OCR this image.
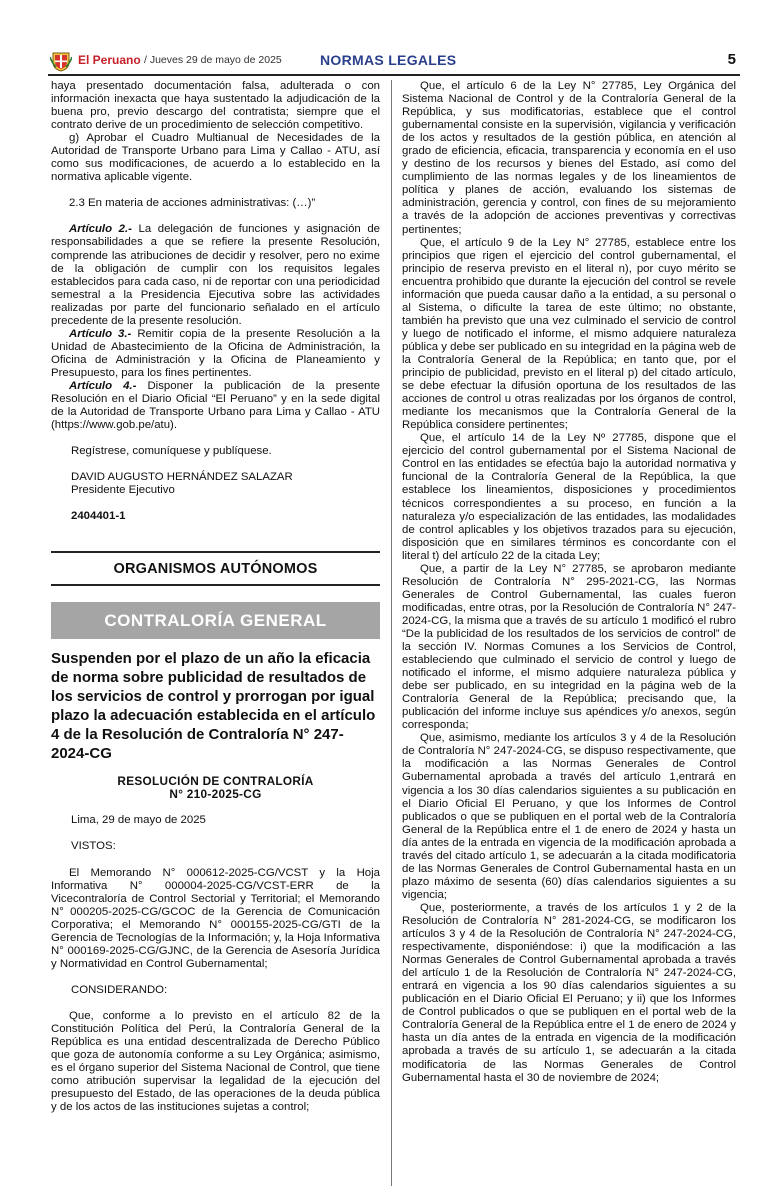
El Peruano / Jueves 29 de mayo de 2025	NORMAS LEGALES	5

haya presentado documentación falsa, adulterada o con información inexacta que haya sustentado la adjudicación de la buena pro, previo descargo del contratista; siempre que el contrato derive de un procedimiento de selección competitivo.

g) Aprobar el Cuadro Multianual de Necesidades de la Autoridad de Transporte Urbano para Lima y Callao - ATU, así como sus modificaciones, de acuerdo a lo establecido en la normativa aplicable vigente.

2.3 En materia de acciones administrativas: (…)”

Artículo 2.- La delegación de funciones y asignación de responsabilidades a que se refiere la presente Resolución, comprende las atribuciones de decidir y resolver, pero no exime de la obligación de cumplir con los requisitos legales establecidos para cada caso, ni de reportar con una periodicidad semestral a la Presidencia Ejecutiva sobre las actividades realizadas por parte del funcionario señalado en el artículo precedente de la presente resolución.

Artículo 3.- Remitir copia de la presente Resolución a la Unidad de Abastecimiento de la Oficina de Administración, la Oficina de Administración y la Oficina de Planeamiento y Presupuesto, para los fines pertinentes.

Artículo 4.- Disponer la publicación de la presente Resolución en el Diario Oficial “El Peruano” y en la sede digital de la Autoridad de Transporte Urbano para Lima y Callao - ATU (https://www.gob.pe/atu).

Regístrese, comuníquese y publíquese.

DAVID AUGUSTO HERNÁNDEZ SALAZAR

Presidente Ejecutivo

2404401-1

ORGANISMOS AUTÓNOMOS
CONTRALORÍA GENERAL
Suspenden por el plazo de un año la eficacia de norma sobre publicidad de resultados de los servicios de control y prorrogan por igual plazo la adecuación establecida en el artículo 4 de la Resolución de Contraloría N° 247-2024-CG
RESOLUCIÓN DE CONTRALORÍA
N° 210-2025-CG

Lima, 29 de mayo de 2025

VISTOS:

El Memorando N° 000612-2025-CG/VCST y la Hoja Informativa N° 000004-2025-CG/VCST-ERR de la Vicecontraloría de Control Sectorial y Territorial; el Memorando N° 000205-2025-CG/GCOC de la Gerencia de Comunicación Corporativa; el Memorando N° 000155-2025-CG/GTI de la Gerencia de Tecnologías de la Información; y, la Hoja Informativa N° 000169-2025-CG/GJNC, de la Gerencia de Asesoría Jurídica y Normatividad en Control Gubernamental;

CONSIDERANDO:

Que, conforme a lo previsto en el artículo 82 de la Constitución Política del Perú, la Contraloría General de la República es una entidad descentralizada de Derecho Público que goza de autonomía conforme a su Ley Orgánica; asimismo, es el órgano superior del Sistema Nacional de Control, que tiene como atribución supervisar la legalidad de la ejecución del presupuesto del Estado, de las operaciones de la deuda pública y de los actos de las instituciones sujetas a control;

Que, el artículo 6 de la Ley N° 27785, Ley Orgánica del Sistema Nacional de Control y de la Contraloría General de la República, y sus modificatorias, establece que el control gubernamental consiste en la supervisión, vigilancia y verificación de los actos y resultados de la gestión pública, en atención al grado de eficiencia, eficacia, transparencia y economía en el uso y destino de los recursos y bienes del Estado, así como del cumplimiento de las normas legales y de los lineamientos de política y planes de acción, evaluando los sistemas de administración, gerencia y control, con fines de su mejoramiento a través de la adopción de acciones preventivas y correctivas pertinentes;

Que, el artículo 9 de la Ley N° 27785, establece entre los principios que rigen el ejercicio del control gubernamental, el principio de reserva previsto en el literal n), por cuyo mérito se encuentra prohibido que durante la ejecución del control se revele información que pueda causar daño a la entidad, a su personal o al Sistema, o dificulte la tarea de este último; no obstante, también ha previsto que una vez culminado el servicio de control y luego de notificado el informe, el mismo adquiere naturaleza pública y debe ser publicado en su integridad en la página web de la Contraloría General de la República; en tanto que, por el principio de publicidad, previsto en el literal p) del citado artículo, se debe efectuar la difusión oportuna de los resultados de las acciones de control u otras realizadas por los órganos de control, mediante los mecanismos que la Contraloría General de la República considere pertinentes;

Que, el artículo 14 de la Ley Nº 27785, dispone que el ejercicio del control gubernamental por el Sistema Nacional de Control en las entidades se efectúa bajo la autoridad normativa y funcional de la Contraloría General de la República, la que establece los lineamientos, disposiciones y procedimientos técnicos correspondientes a su proceso, en función a la naturaleza y/o especialización de las entidades, las modalidades de control aplicables y los objetivos trazados para su ejecución, disposición que en similares términos es concordante con el literal t) del artículo 22 de la citada Ley;

Que, a partir de la Ley N° 27785, se aprobaron mediante Resolución de Contraloría N° 295-2021-CG, las Normas Generales de Control Gubernamental, las cuales fueron modificadas, entre otras, por la Resolución de Contraloría N° 247-2024-CG, la misma que a través de su artículo 1 modificó el rubro “De la publicidad de los resultados de los servicios de control” de la sección IV. Normas Comunes a los Servicios de Control, estableciendo que culminado el servicio de control y luego de notificado el informe, el mismo adquiere naturaleza pública y debe ser publicado, en su integridad en la página web de la Contraloría General de la República; precisando que, la publicación del informe incluye sus apéndices y/o anexos, según corresponda;

Que, asimismo, mediante los artículos 3 y 4 de la Resolución de Contraloría N° 247-2024-CG, se dispuso respectivamente, que la modificación a las Normas Generales de Control Gubernamental aprobada a través del artículo 1,entrará en vigencia a los 30 días calendarios siguientes a su publicación en el Diario Oficial El Peruano, y que los Informes de Control publicados o que se publiquen en el portal web de la Contraloría General de la República entre el 1 de enero de 2024 y hasta un día antes de la entrada en vigencia de la modificación aprobada a través del citado artículo 1, se adecuarán a la citada modificatoria de las Normas Generales de Control Gubernamental hasta en un plazo máximo de sesenta (60) días calendarios siguientes a su vigencia;

Que, posteriormente, a través de los artículos 1 y 2 de la Resolución de Contraloría N° 281-2024-CG, se modificaron los artículos 3 y 4 de la Resolución de Contraloría N° 247-2024-CG, respectivamente, disponiéndose: i) que la modificación a las Normas Generales de Control Gubernamental aprobada a través del artículo 1 de la Resolución de Contraloría N° 247-2024-CG, entrará en vigencia a los 90 días calendarios siguientes a su publicación en el Diario Oficial El Peruano; y ii) que los Informes de Control publicados o que se publiquen en el portal web de la Contraloría General de la República entre el 1 de enero de 2024 y hasta un día antes de la entrada en vigencia de la modificación aprobada a través de su artículo 1, se adecuarán a la citada modificatoria de las Normas Generales de Control Gubernamental hasta el 30 de noviembre de 2024;
